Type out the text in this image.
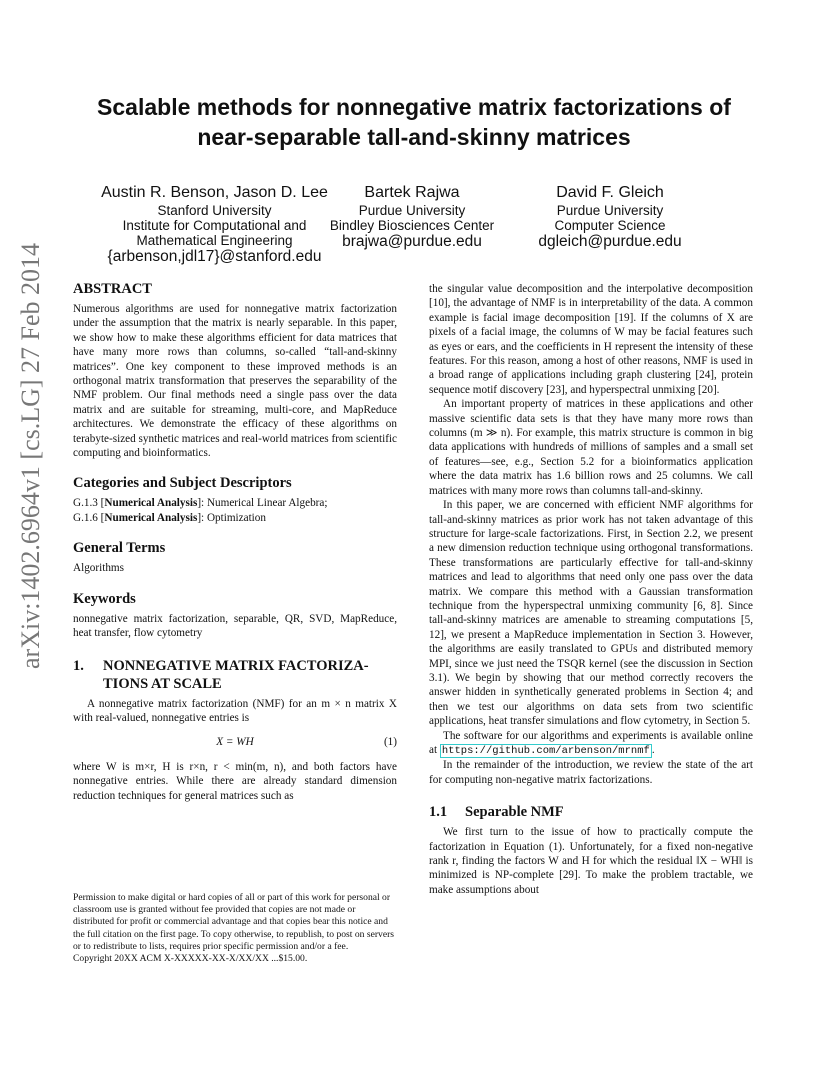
Scalable methods for nonnegative matrix factorizations of
near-separable tall-and-skinny matrices
Austin R. Benson, Jason D. Lee
Stanford University
Institute for Computational and
Mathematical Engineering
{arbenson,jdl17}@stanford.edu
Bartek Rajwa
Purdue University
Bindley Biosciences Center
brajwa@purdue.edu
David F. Gleich
Purdue University
Computer Science
dgleich@purdue.edu
arXiv:1402.6964v1 [cs.LG] 27 Feb 2014 ABSTRACT

Numerous algorithms are used for nonnegative matrix factorization under the assumption that the matrix is nearly separable. In this paper, we show how to make these algorithms efficient for data matrices that have many more rows than columns, so-called “tall-and-skinny matrices”. One key component to these improved methods is an orthogonal matrix transformation that preserves the separability of the NMF problem. Our final methods need a single pass over the data matrix and are suitable for streaming, multi-core, and MapReduce architectures. We demonstrate the efficacy of these algorithms on terabyte-sized synthetic matrices and real-world matrices from scientific computing and bioinformatics.

Categories and Subject Descriptors

G.1.3 [Numerical Analysis]: Numerical Linear Algebra;

G.1.6 [Numerical Analysis]: Optimization

General Terms

Algorithms

Keywords

nonnegative matrix factorization, separable, QR, SVD, MapReduce, heat transfer, flow cytometry

1.	NONNEGATIVE MATRIX FACTORIZA-
TIONS AT SCALE

A nonnegative matrix factorization (NMF) for an m × n matrix X with real-valued, nonnegative entries is

X = WH	(1)

where W is m×r, H is r×n, r < min(m, n), and both factors have nonnegative entries. While there are already standard dimension reduction techniques for general matrices such as

Permission to make digital or hard copies of all or part of this work for personal or classroom use is granted without fee provided that copies are not made or distributed for profit or commercial advantage and that copies bear this notice and the full citation on the first page. To copy otherwise, to republish, to post on servers or to redistribute to lists, requires prior specific permission and/or a fee.
Copyright 20XX ACM X-XXXXX-XX-X/XX/XX ...$15.00.

the singular value decomposition and the interpolative decomposition [10], the advantage of NMF is in interpretability of the data. A common example is facial image decomposition [19]. If the columns of X are pixels of a facial image, the columns of W may be facial features such as eyes or ears, and the coefficients in H represent the intensity of these features. For this reason, among a host of other reasons, NMF is used in a broad range of applications including graph clustering [24], protein sequence motif discovery [23], and hyperspectral unmixing [20].

An important property of matrices in these applications and other massive scientific data sets is that they have many more rows than columns (m ≫ n). For example, this matrix structure is common in big data applications with hundreds of millions of samples and a small set of features—see, e.g., Section 5.2 for a bioinformatics application where the data matrix has 1.6 billion rows and 25 columns. We call matrices with many more rows than columns tall-and-skinny.

In this paper, we are concerned with efficient NMF algorithms for tall-and-skinny matrices as prior work has not taken advantage of this structure for large-scale factorizations. First, in Section 2.2, we present a new dimension reduction technique using orthogonal transformations. These transformations are particularly effective for tall-and-skinny matrices and lead to algorithms that need only one pass over the data matrix. We compare this method with a Gaussian transformation technique from the hyperspectral unmixing community [6, 8]. Since tall-and-skinny matrices are amenable to streaming computations [5, 12], we present a MapReduce implementation in Section 3. However, the algorithms are easily translated to GPUs and distributed memory MPI, since we just need the TSQR kernel (see the discussion in Section 3.1). We begin by showing that our method correctly recovers the answer hidden in synthetically generated problems in Section 4; and then we test our algorithms on data sets from two scientific applications, heat transfer simulations and flow cytometry, in Section 5.

The software for our algorithms and experiments is available online at https://github.com/arbenson/mrnmf .

In the remainder of the introduction, we review the state of the art for computing non-negative matrix factorizations.

1.1	Separable NMF

We first turn to the issue of how to practically compute the factorization in Equation (1). Unfortunately, for a fixed non-negative rank r, finding the factors W and H for which the residual ‖X − WH‖ is minimized is NP-complete [29]. To make the problem tractable, we make assumptions about
